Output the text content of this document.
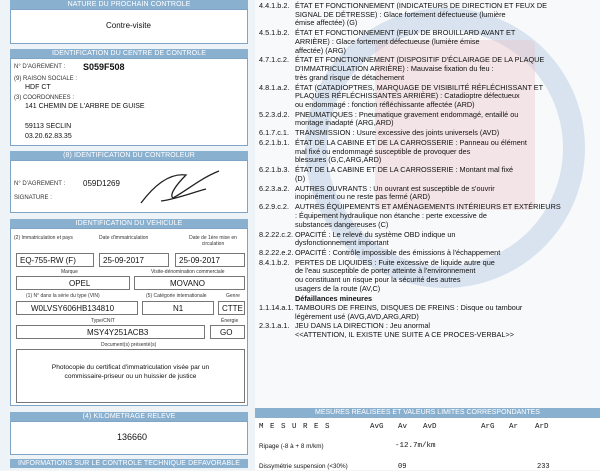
NATURE DU PROCHAIN CONTROLE
Contre-visite
IDENTIFICATION DU CENTRE DE CONTROLE
N° D'AGREMENT : S059F508
(9) RAISON SOCIALE :
HDF CT
(3) COORDONNEES :
141 CHEMIN DE L'ARBRE DE GUISE
59113 SECLIN
03.20.62.83.35
(8) IDENTIFICATION DU CONTROLEUR
N° D'AGREMENT : 059D1269
SIGNATURE :
IDENTIFICATION DU VEHICULE
(2) Immatriculation et pays	Date d'immatriculation	Date de 1ère mise en circulation
EQ-755-RW (F)	25-09-2017	25-09-2017
Marque	Visite-dénomination commerciale
OPEL	MOVANO
(1) N° dans la série du type (VIN)	(5) Catégorie internationale	Genre
W0LVSY606HB134810	N1	CTTE
Type/CNIT	Énergie
MSY4Y251ACB3	GO
Document(s) présenté(s)
Photocopie du certificat d'immatriculation visée par un
commissaire-priseur ou un huissier de justice
(4) KILOMETRAGE RELEVE
136660
INFORMATIONS SUR LE CONTROLE TECHNIQUE DEFAVORABLE
4.4.1.b.2. ÉTAT ET FONCTIONNEMENT (INDICATEURS DE DIRECTION ET FEUX DE
SIGNAL DE DÉTRESSE) : Glace fortement défectueuse (lumière
émise affectée) (G)
4.5.1.b.2. ÉTAT ET FONCTIONNEMENT (FEUX DE BROUILLARD AVANT ET
ARRIÈRE) : Glace fortement défectueuse (lumière émise
affectée) (ARG)
4.7.1.c.2. ÉTAT ET FONCTIONNEMENT (DISPOSITIF D'ÉCLAIRAGE DE LA PLAQUE
D'IMMATRICULATION ARRIÈRE) : Mauvaise fixation du feu :
très grand risque de détachement
4.8.1.a.2. ÉTAT (CATADIOPTRES, MARQUAGE DE VISIBILITÉ RÉFLÉCHISSANT ET
PLAQUES RÉFLÉCHISSANTES ARRIÈRE) : Catadioptre défectueux
ou endommagé : fonction réfléchissante affectée (ARD)
5.2.3.d.2. PNEUMATIQUES : Pneumatique gravement endommagé, entaillé ou
montage inadapté (ARG,ARD)
6.1.7.c.1. TRANSMISSION : Usure excessive des joints universels (AVD)
6.2.1.b.1. ÉTAT DE LA CABINE ET DE LA CARROSSERIE : Panneau ou élément
mal fixé ou endommagé susceptible de provoquer des
blessures (G,C,ARG,ARD)
6.2.1.b.3. ÉTAT DE LA CABINE ET DE LA CARROSSERIE : Montant mal fixé
(D)
6.2.3.a.2. AUTRES OUVRANTS : Un ouvrant est susceptible de s'ouvrir
inopinément ou ne reste pas fermé (ARD)
6.2.9.c.2. AUTRES ÉQUIPEMENTS ET AMÉNAGEMENTS INTÉRIEURS ET EXTÉRIEURS
: Équipement hydraulique non étanche : perte excessive de
substances dangereuses (C)
8.2.22.c.2. OPACITÉ : Le relevé du système OBD indique un
dysfonctionnement important
8.2.22.e.2. OPACITÉ : Contrôle impossible des émissions à l'échappement
8.4.1.b.2. PERTES DE LIQUIDES : Fuite excessive de liquide autre que
de l'eau susceptible de porter atteinte à l'environnement
ou constituant un risque pour la sécurité des autres
usagers de la route (AV,C)
Défaillances mineures
1.1.14.a.1. TAMBOURS DE FREINS, DISQUES DE FREINS : Disque ou tambour
légèrement usé (AVG,AVD,ARG,ARD)
2.3.1.a.1. JEU DANS LA DIRECTION : Jeu anormal
<<ATTENTION, IL EXISTE UNE SUITE A CE PROCES-VERBAL>>
MESURES REALISEES ET VALEURS LIMITES CORRESPONDANTES
M E S U R E S	AvG Av AvD	ArG Ar ArD
Ripage (-8 à + 8 m/km)	-12.7m/km
Dissymétrie suspension (<30%)	09	233
